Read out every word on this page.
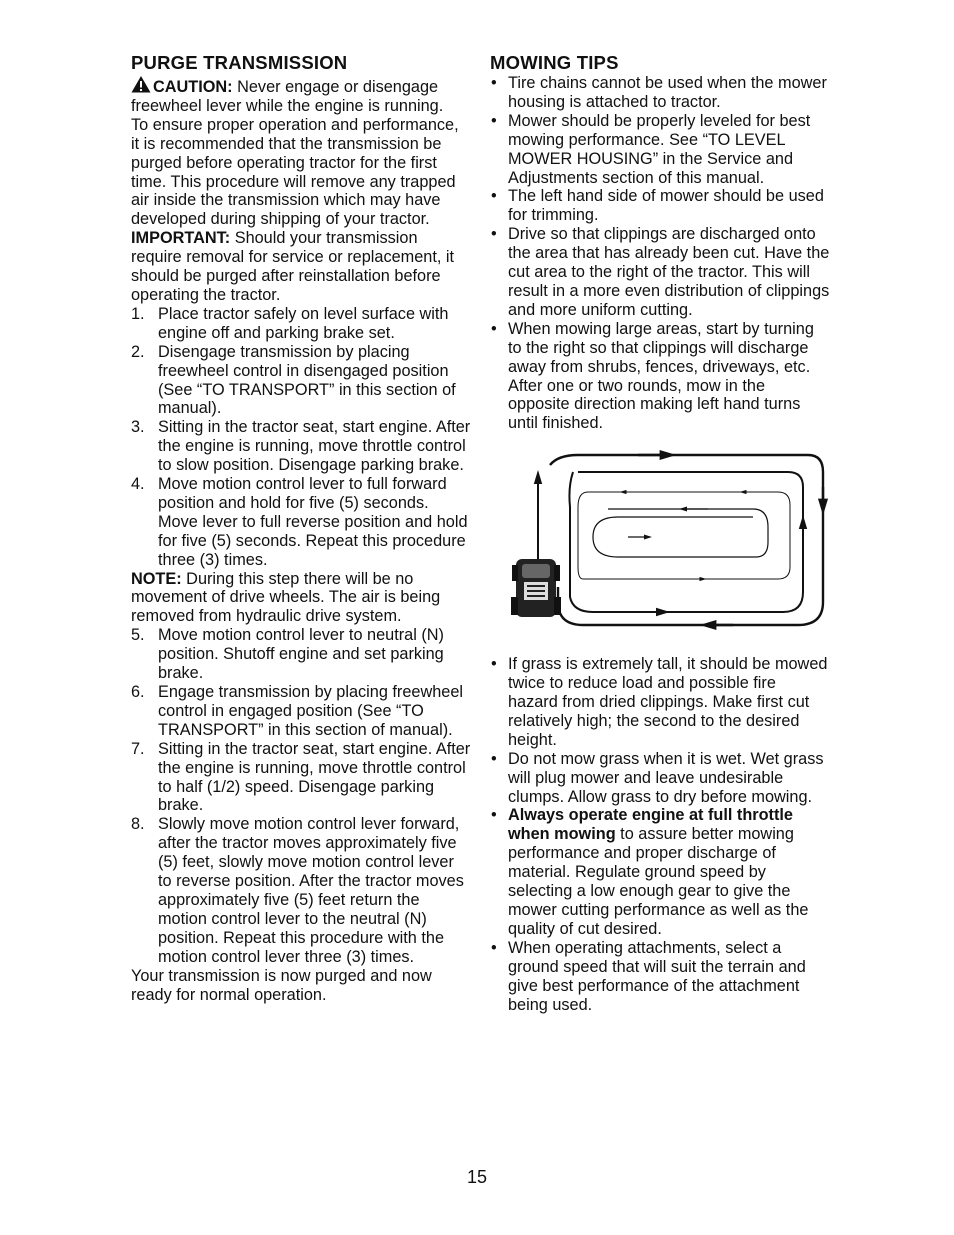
PURGE TRANSMISSION

CAUTION: Never engage or disengage freewheel lever while the engine is running.

To ensure proper operation and performance, it is recommended that the transmission be purged before operating tractor for the first time. This procedure will remove any trapped air inside the transmission which may have developed during shipping of your tractor.

IMPORTANT: Should your transmission require removal for service or replacement, it should be purged after reinstallation before operating the tractor.

1. Place tractor safely on level surface with engine off and parking brake set.
2. Disengage transmission by placing freewheel control in disengaged position (See “TO TRANSPORT” in this section of manual).
3. Sitting in the tractor seat, start engine. After the engine is running, move throttle control to slow position. Disengage parking brake.
4. Move motion control lever to full forward position and hold for five (5) seconds. Move lever to full reverse position and hold for five (5) seconds. Repeat this procedure three (3) times.

NOTE: During this step there will be no movement of drive wheels. The air is being removed from hydraulic drive system.

5. Move motion control lever to neutral (N) position. Shutoff engine and set parking brake.
6. Engage transmission by placing freewheel control in engaged position (See “TO TRANSPORT” in this section of manual).
7. Sitting in the tractor seat, start engine. After the engine is running, move throttle control to half (1/2) speed. Disengage parking brake.
8. Slowly move motion control lever forward, after the tractor moves approximately five (5) feet, slowly move motion control lever to reverse position. After the tractor moves approximately five (5) feet return the motion control lever to the neutral (N) position. Repeat this procedure with the motion control lever three (3) times.

Your transmission is now purged and now ready for normal operation.

MOWING TIPS
• Tire chains cannot be used when the mower housing is attached to tractor.
• Mower should be properly leveled for best mowing performance. See “TO LEVEL MOWER HOUSING” in the Service and Adjustments section of this manual.
• The left hand side of mower should be used for trimming.
• Drive so that clippings are discharged onto the area that has already been cut. Have the cut area to the right of the tractor. This will result in a more even distribution of clippings and more uniform cutting.
• When mowing large areas, start by turning to the right so that clippings will discharge away from shrubs, fences, driveways, etc. After one or two rounds, mow in the opposite direction making left hand turns until finished.
• If grass is extremely tall, it should be mowed twice to reduce load and possible fire hazard from dried clippings. Make first cut relatively high; the second to the desired height.
• Do not mow grass when it is wet. Wet grass will plug mower and leave undesirable clumps. Allow grass to dry before mowing.
• Always operate engine at full throttle when mowing to assure better mowing performance and proper discharge of material. Regulate ground speed by selecting a low enough gear to give the mower cutting performance as well as the quality of cut desired.
• When operating attachments, select a ground speed that will suit the terrain and give best performance of the attachment being used.
15
